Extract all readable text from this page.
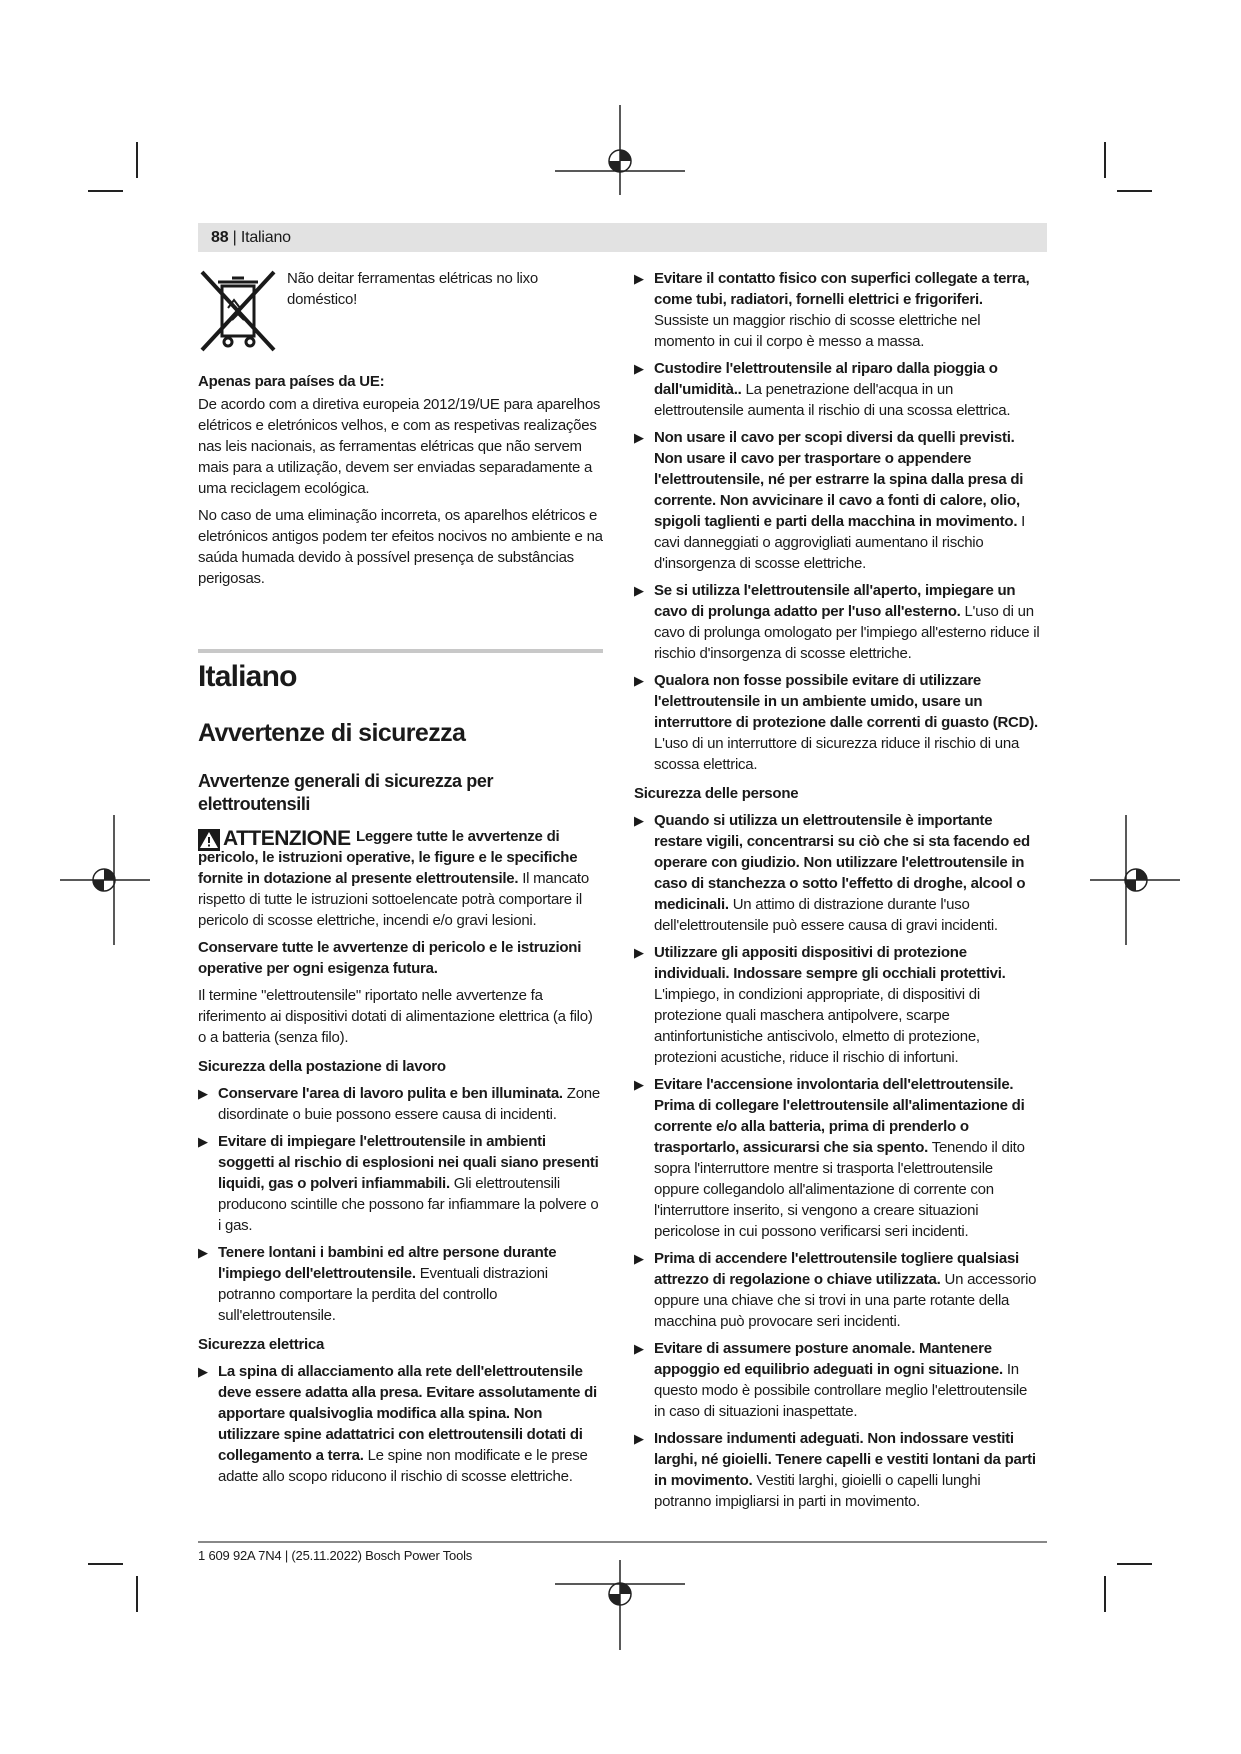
88 | Italiano

Não deitar ferramentas elétricas no lixo doméstico!

Apenas para países da UE:

De acordo com a diretiva europeia 2012/19/UE para aparelhos elétricos e eletrónicos velhos, e com as respetivas realizações nas leis nacionais, as ferramentas elétricas que não servem mais para a utilização, devem ser enviadas separadamente a uma reciclagem ecológica.

No caso de uma eliminação incorreta, os aparelhos elétricos e eletrónicos antigos podem ter efeitos nocivos no ambiente e na saúda humada devido à possível presença de substâncias perigosas.

Italiano

Avvertenze di sicurezza

Avvertenze generali di sicurezza per elettroutensili

ATTENZIONE Leggere tutte le avvertenze di pericolo, le istruzioni operative, le figure e le specifiche fornite in dotazione al presente elettroutensile. Il mancato rispetto di tutte le istruzioni sottoelencate potrà comportare il pericolo di scosse elettriche, incendi e/o gravi lesioni.

Conservare tutte le avvertenze di pericolo e le istruzioni operative per ogni esigenza futura.

Il termine "elettroutensile" riportato nelle avvertenze fa riferimento ai dispositivi dotati di alimentazione elettrica (a filo) o a batteria (senza filo).

Sicurezza della postazione di lavoro

▶ Conservare l'area di lavoro pulita e ben illuminata. Zone disordinate o buie possono essere causa di incidenti.
▶ Evitare di impiegare l'elettroutensile in ambienti soggetti al rischio di esplosioni nei quali siano presenti liquidi, gas o polveri infiammabili. Gli elettroutensili producono scintille che possono far infiammare la polvere o i gas.
▶ Tenere lontani i bambini ed altre persone durante l'impiego dell'elettroutensile. Eventuali distrazioni potranno comportare la perdita del controllo sull'elettroutensile.

Sicurezza elettrica

▶ La spina di allacciamento alla rete dell'elettroutensile deve essere adatta alla presa. Evitare assolutamente di apportare qualsivoglia modifica alla spina. Non utilizzare spine adattatrici con elettroutensili dotati di collegamento a terra. Le spine non modificate e le prese adatte allo scopo riducono il rischio di scosse elettriche.
▶ Evitare il contatto fisico con superfici collegate a terra, come tubi, radiatori, fornelli elettrici e frigoriferi. Sussiste un maggior rischio di scosse elettriche nel momento in cui il corpo è messo a massa.
▶ Custodire l'elettroutensile al riparo dalla pioggia o dall'umidità.. La penetrazione dell'acqua in un elettroutensile aumenta il rischio di una scossa elettrica.
▶ Non usare il cavo per scopi diversi da quelli previsti. Non usare il cavo per trasportare o appendere l'elettroutensile, né per estrarre la spina dalla presa di corrente. Non avvicinare il cavo a fonti di calore, olio, spigoli taglienti e parti della macchina in movimento. I cavi danneggiati o aggrovigliati aumentano il rischio d'insorgenza di scosse elettriche.
▶ Se si utilizza l'elettroutensile all'aperto, impiegare un cavo di prolunga adatto per l'uso all'esterno. L'uso di un cavo di prolunga omologato per l'impiego all'esterno riduce il rischio d'insorgenza di scosse elettriche.
▶ Qualora non fosse possibile evitare di utilizzare l'elettroutensile in un ambiente umido, usare un interruttore di protezione dalle correnti di guasto (RCD). L'uso di un interruttore di sicurezza riduce il rischio di una scossa elettrica.

Sicurezza delle persone

▶ Quando si utilizza un elettroutensile è importante restare vigili, concentrarsi su ciò che si sta facendo ed operare con giudizio. Non utilizzare l'elettroutensile in caso di stanchezza o sotto l'effetto di droghe, alcool o medicinali. Un attimo di distrazione durante l'uso dell'elettroutensile può essere causa di gravi incidenti.
▶ Utilizzare gli appositi dispositivi di protezione individuali. Indossare sempre gli occhiali protettivi. L'impiego, in condizioni appropriate, di dispositivi di protezione quali maschera antipolvere, scarpe antinfortunistiche antiscivolo, elmetto di protezione, protezioni acustiche, riduce il rischio di infortuni.
▶ Evitare l'accensione involontaria dell'elettroutensile. Prima di collegare l'elettroutensile all'alimentazione di corrente e/o alla batteria, prima di prenderlo o trasportarlo, assicurarsi che sia spento. Tenendo il dito sopra l'interruttore mentre si trasporta l'elettroutensile oppure collegandolo all'alimentazione di corrente con l'interruttore inserito, si vengono a creare situazioni pericolose in cui possono verificarsi seri incidenti.
▶ Prima di accendere l'elettroutensile togliere qualsiasi attrezzo di regolazione o chiave utilizzata. Un accessorio oppure una chiave che si trovi in una parte rotante della macchina può provocare seri incidenti.
▶ Evitare di assumere posture anomale. Mantenere appoggio ed equilibrio adeguati in ogni situazione. In questo modo è possibile controllare meglio l'elettroutensile in caso di situazioni inaspettate.
▶ Indossare indumenti adeguati. Non indossare vestiti larghi, né gioielli. Tenere capelli e vestiti lontani da parti in movimento. Vestiti larghi, gioielli o capelli lunghi potranno impigliarsi in parti in movimento.
1 609 92A 7N4 | (25.11.2022) Bosch Power Tools
